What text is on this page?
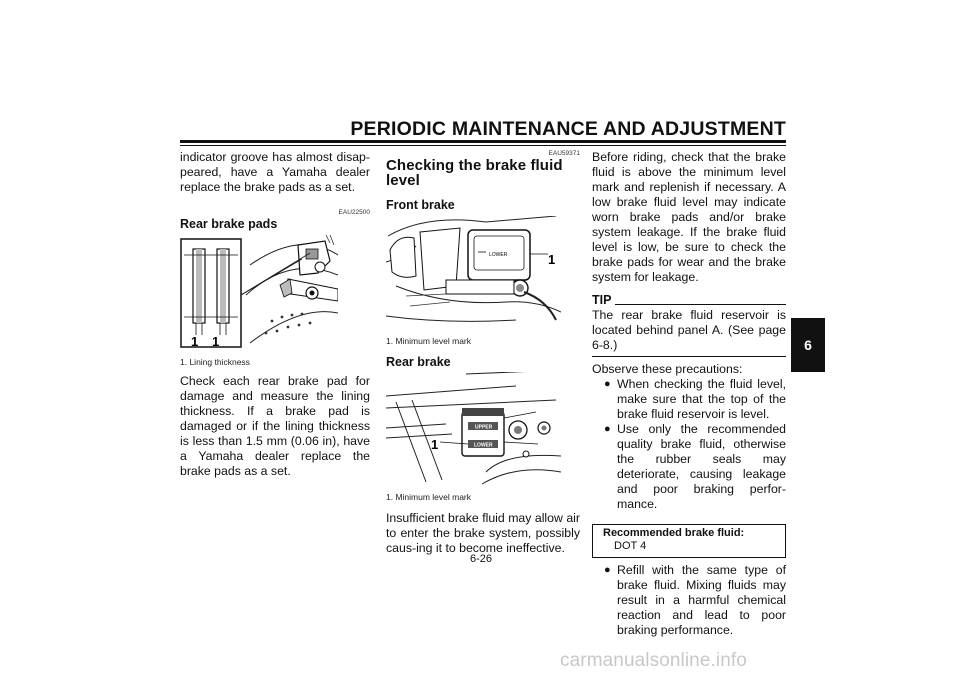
PERIODIC MAINTENANCE AND ADJUSTMENT
6

indicator groove has almost disap-peared, have a Yamaha dealer replace the brake pads as a set.

EAU22500
Rear brake pads
1 1
1. Lining thickness

Check each rear brake pad for damage and measure the lining thickness. If a brake pad is damaged or if the lining thickness is less than 1.5 mm (0.06 in), have a Yamaha dealer replace the brake pads as a set.

EAU59371
Checking the brake fluid level
Front brake
LOWER	1
1. Minimum level mark
Rear brake
UPPER
LOWER
1
1. Minimum level mark

Insufficient brake fluid may allow air to enter the brake system, possibly caus-ing it to become ineffective.

Before riding, check that the brake fluid is above the minimum level mark and replenish if necessary. A low brake fluid level may indicate worn brake pads and/or brake system leakage. If the brake fluid level is low, be sure to check the brake pads for wear and the brake system for leakage.

TIP

The rear brake fluid reservoir is located behind panel A. (See page 6-8.)

Observe these precautions:

● When checking the fluid level, make sure that the top of the brake fluid reservoir is level.
● Use only the recommended quality brake fluid, otherwise the rubber seals may deteriorate, causing leakage and poor braking perfor-mance.
Recommended brake fluid:
DOT 4
● Refill with the same type of brake fluid. Mixing fluids may result in a harmful chemical reaction and lead to poor braking performance.
6-26
carmanualsonline.info
